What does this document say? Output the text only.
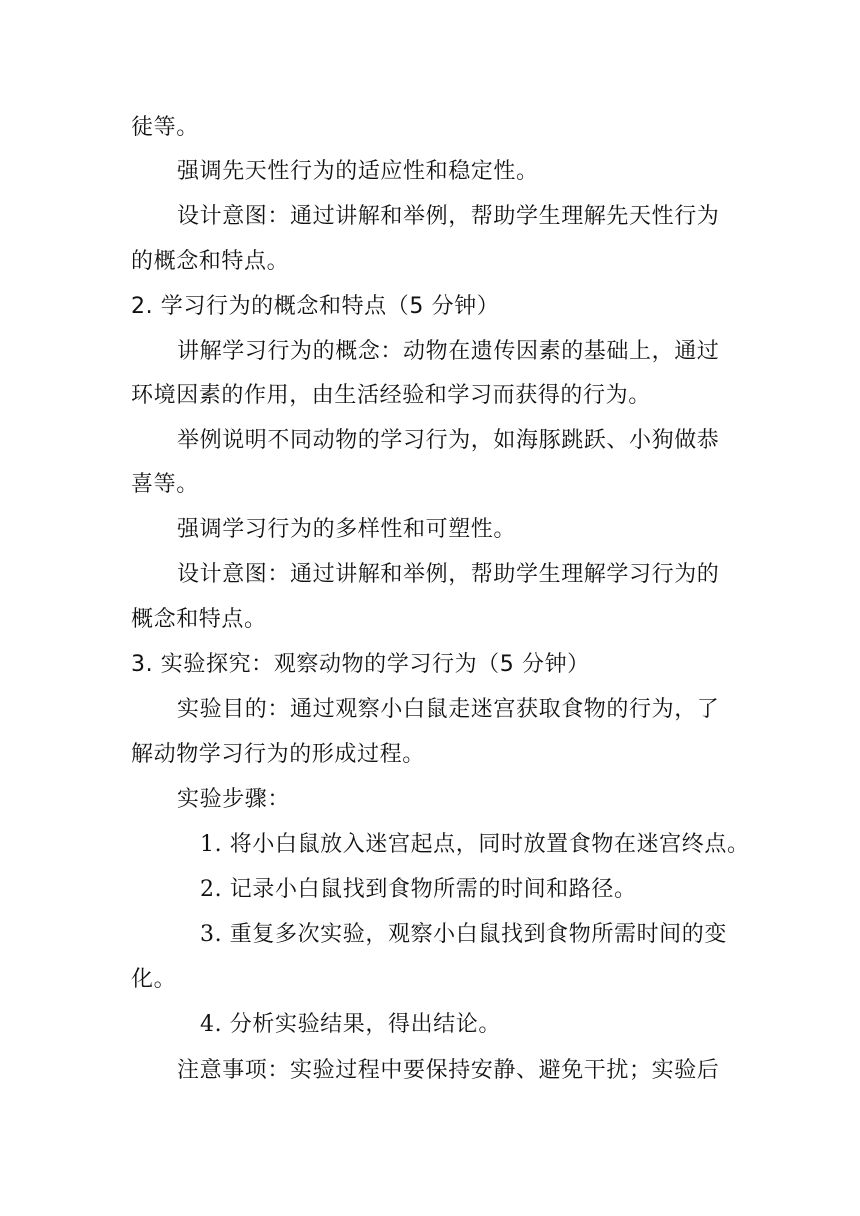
徒等。
强调先天性行为的适应性和稳定性。
设计意图：通过讲解和举例，帮助学生理解先天性行为
的概念和特点。
2. 学习行为的概念和特点（5 分钟）
讲解学习行为的概念：动物在遗传因素的基础上，通过
环境因素的作用，由生活经验和学习而获得的行为。
举例说明不同动物的学习行为，如海豚跳跃、小狗做恭
喜等。
强调学习行为的多样性和可塑性。
设计意图：通过讲解和举例，帮助学生理解学习行为的
概念和特点。
3. 实验探究：观察动物的学习行为（5 分钟）
实验目的：通过观察小白鼠走迷宫获取食物的行为，了
解动物学习行为的形成过程。
实验步骤：
1. 将小白鼠放入迷宫起点，同时放置食物在迷宫终点。
2. 记录小白鼠找到食物所需的时间和路径。
3. 重复多次实验，观察小白鼠找到食物所需时间的变
化。
4. 分析实验结果，得出结论。
注意事项：实验过程中要保持安静、避免干扰；实验后
